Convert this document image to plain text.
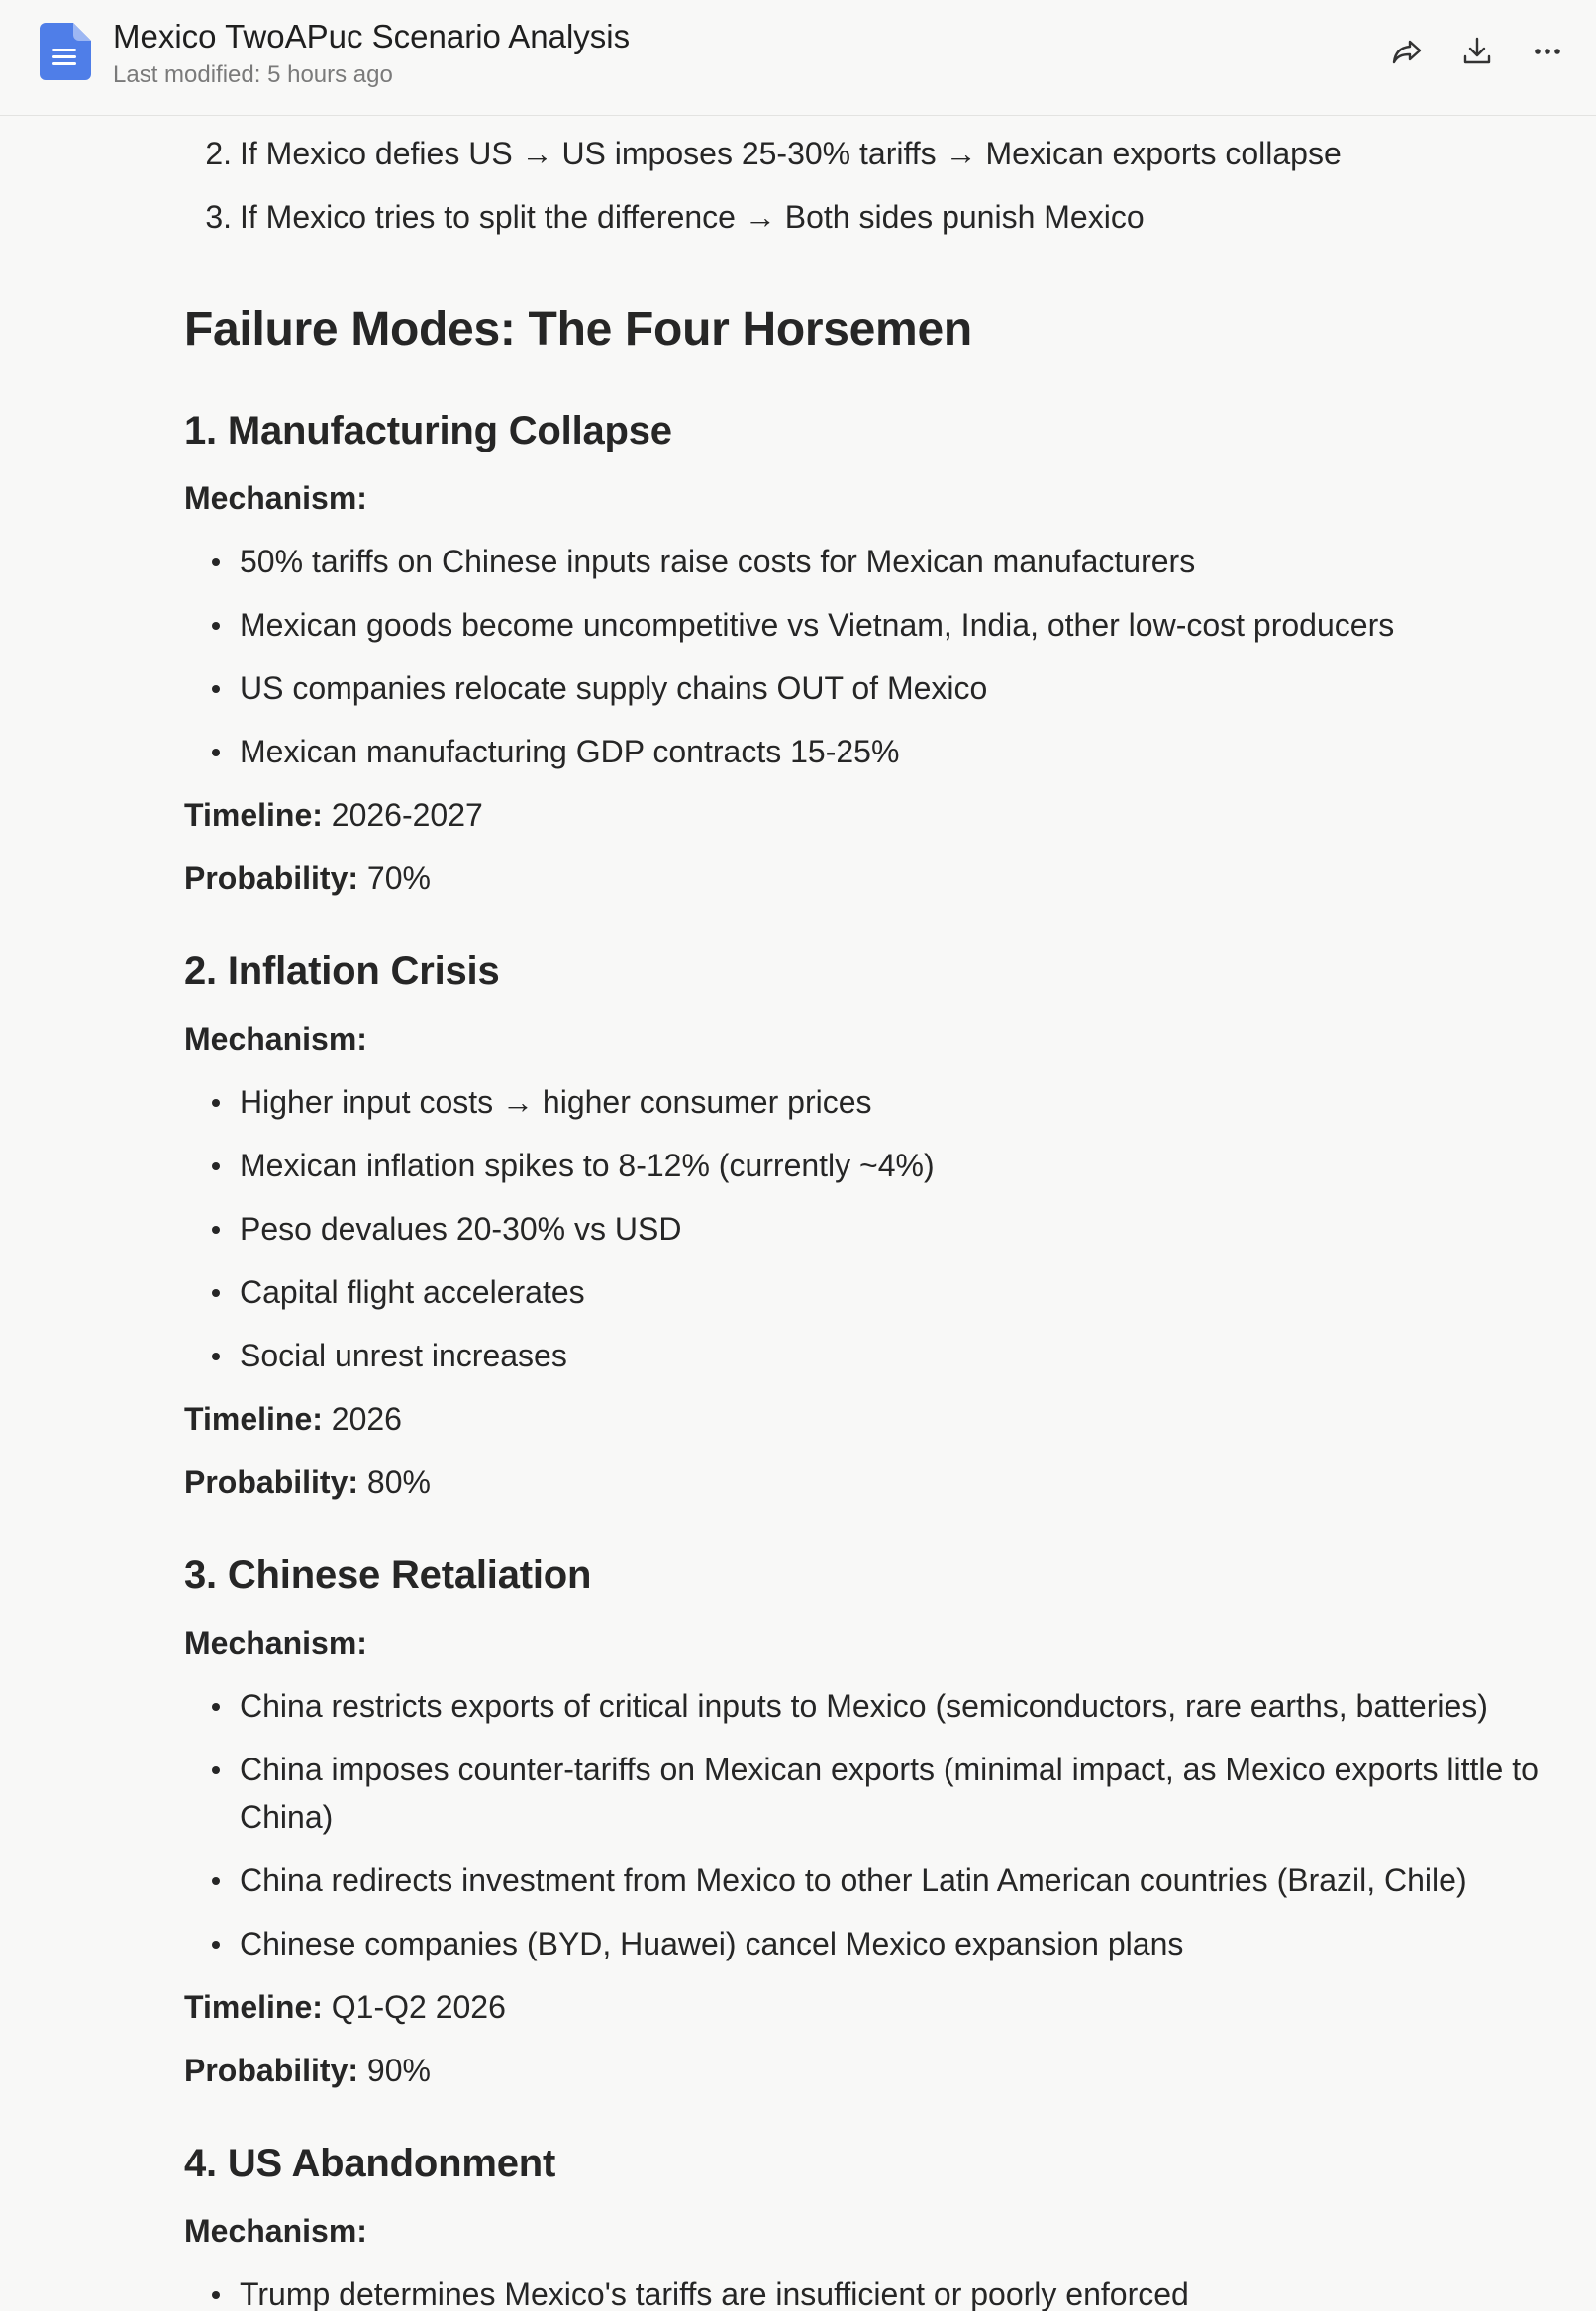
Mexico TwoAPuc Scenario Analysis
Last modified: 5 hours ago
2. If Mexico defies US → US imposes 25-30% tariffs → Mexican exports collapse
3. If Mexico tries to split the difference → Both sides punish Mexico
Failure Modes: The Four Horsemen
1. Manufacturing Collapse

Mechanism:

50% tariffs on Chinese inputs raise costs for Mexican manufacturers
Mexican goods become uncompetitive vs Vietnam, India, other low-cost producers
US companies relocate supply chains OUT of Mexico
Mexican manufacturing GDP contracts 15-25%

Timeline: 2026-2027

Probability: 70%

2. Inflation Crisis

Mechanism:

Higher input costs → higher consumer prices
Mexican inflation spikes to 8-12% (currently ~4%)
Peso devalues 20-30% vs USD
Capital flight accelerates
Social unrest increases

Timeline: 2026

Probability: 80%

3. Chinese Retaliation

Mechanism:

China restricts exports of critical inputs to Mexico (semiconductors, rare earths, batteries)
China imposes counter-tariffs on Mexican exports (minimal impact, as Mexico exports little to China)
China redirects investment from Mexico to other Latin American countries (Brazil, Chile)
Chinese companies (BYD, Huawei) cancel Mexico expansion plans

Timeline: Q1-Q2 2026

Probability: 90%

4. US Abandonment

Mechanism:

Trump determines Mexico's tariffs are insufficient or poorly enforced
